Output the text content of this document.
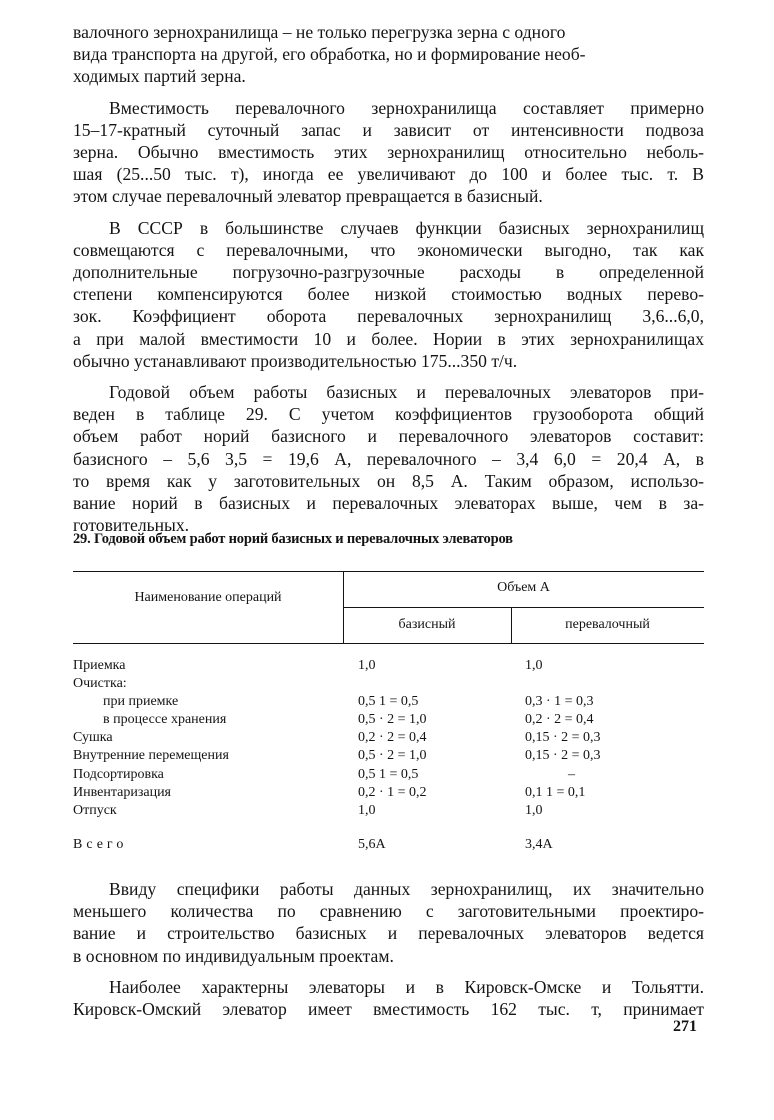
валочного зернохранилища – не только перегрузка зерна с одного
вида транспорта на другой, его обработка, но и формирование необ-
ходимых партий зерна.

Вместимость перевалочного зернохранилища составляет примерно
15–17-кратный суточный запас и зависит от интенсивности подвоза
зерна. Обычно вместимость этих зернохранилищ относительно неболь-
шая (25...50 тыс. т), иногда ее увеличивают до 100 и более тыс. т. В
этом случае перевалочный элеватор превращается в базисный.

В СССР в большинстве случаев функции базисных зернохранилищ
совмещаются с перевалочными, что экономически выгодно, так как
дополнительные погрузочно-разгрузочные расходы в определенной
степени компенсируются более низкой стоимостью водных перево-
зок. Коэффициент оборота перевалочных зернохранилищ 3,6...6,0,
а при малой вместимости 10 и более. Нории в этих зернохранилищах
обычно устанавливают производительностью 175...350 т/ч.

Годовой объем работы базисных и перевалочных элеваторов при-
веден в таблице 29. С учетом коэффициентов грузооборота общий
объем работ норий базисного и перевалочного элеваторов составит:
базисного – 5,6 3,5 = 19,6 А, перевалочного – 3,4 6,0 = 20,4 А, в
то время как у заготовительных он 8,5 А. Таким образом, использо-
вание норий в базисных и перевалочных элеваторах выше, чем в за-
готовительных.

29. Годовой объем работ норий базисных и перевалочных элеваторов
Наименование операций
Объем А
базисный	перевалочный
Приемка	1,0	1,0
Очистка:
при приемке	0,5 1 = 0,5	0,3 · 1 = 0,3
в процессе хранения	0,5 · 2 = 1,0	0,2 · 2 = 0,4
Сушка	0,2 · 2 = 0,4	0,15 · 2 = 0,3
Внутренние перемещения	0,5 · 2 = 1,0	0,15 · 2 = 0,3
Подсортировка	0,5 1 = 0,5	–
Инвентаризация	0,2 · 1 = 0,2	0,1 1 = 0,1
Отпуск	1,0	1,0
Всего	5,6А	3,4А

Ввиду специфики работы данных зернохранилищ, их значительно
меньшего количества по сравнению с заготовительными проектиро-
вание и строительство базисных и перевалочных элеваторов ведется
в основном по индивидуальным проектам.

Наиболее характерны элеваторы и в Кировск-Омске и Тольятти.
Кировск-Омский элеватор имеет вместимость 162 тыс. т, принимает

271
